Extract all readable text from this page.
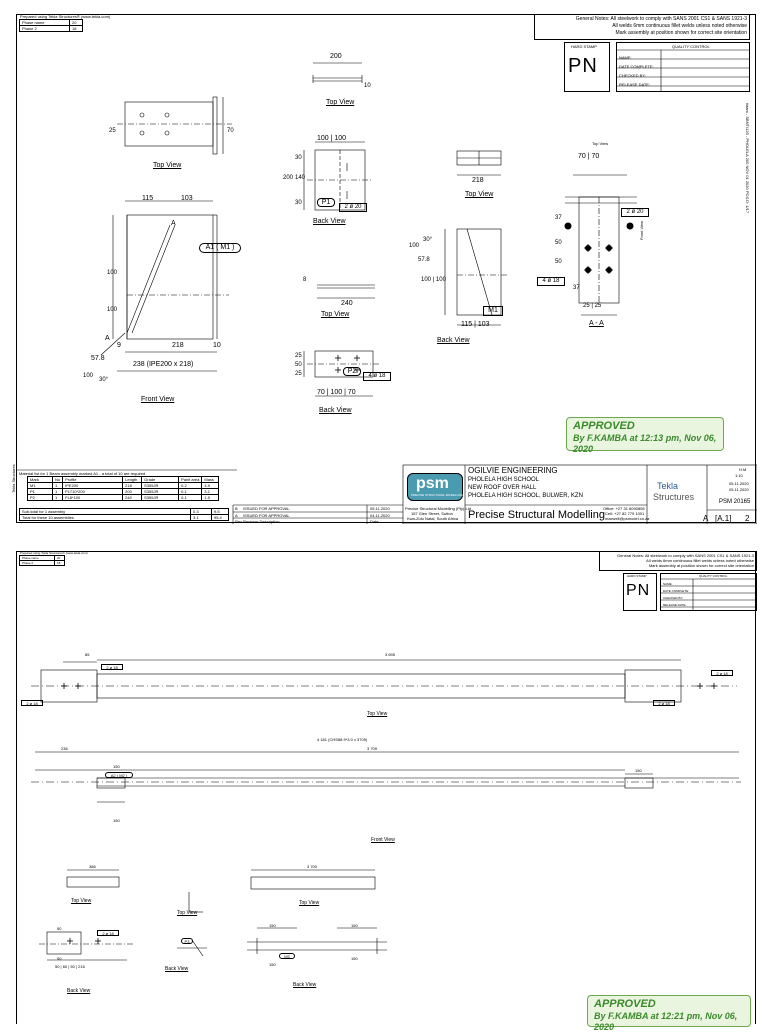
Prepared using Tekla Structures® (www.tekla.com)
Phase name	20
Phase 2	18
General Notes: All steelwork to comply with SANS 2001 CS1 & SANS 1921-3
All welds 6mm continuous fillet welds unless noted otherwise
Mark assembly at position shown for correct site orientation
HARD STAMP
PN
QUALITY CONTROL
NAME:
DATE COMPLETE:
CHECKED BY:
RELEASE DATE:
Top View
200
10
Top View
25	70
115	103
100
100
218	10
238 (IPE200 x 218)
9
57.8
100
30°
Front View
A1 ( M1 )
A
A
100 | 100
30
140
200
30	P1
2 ø 20
Back View
8
240
Top View
25
50
25	P2
4 ø 18
70 | 100 | 70
Back View
218
Top View
100
57.8
30°
100 | 100
M1
115 | 103
Back View
Top View
70 | 70
37
50
50
37
2 ø 20
4 ø 18
25 | 25
A - A
Front View
Ilaam - SBNT/120 - PHOLELA 200 NOV 01 2020 PCS.D: 1/17
APPROVED
By F.KAMBA at 12:13 pm, Nov 06, 2020
Material list for 1 Beam assembly marked A1 - a total of 10 are required
Mark	No	Profile	Length	Grade	Paint area	Mass
M1	1	IPE200	218	S355JR	0.2	4.9
P1	1	PLT10*200	200	S355JR	0.1	3.1
P2	1	FL8*100	240	S355JR	0.1	1.5
Sub-total for 1 assembly	0.3	9.5
Total for these 10 assemblies	3.1	95.4
Tekla Structures
B ISSUED FOR APPROVAL	05.11.2020
A ISSUED FOR APPROVAL	04.11.2020
Rev Revision Description	Date
psm
PRECISE STRUCTURAL MODELLING
Precise Structural Modelling (Pty) Ltd
157 Glen Street, Sutton
Kwa-Zulu Natal, South Africa
OGILVIE ENGINEERING
PHOLELA HIGH SCHOOL
NEW ROOF OVER HALL
PHOLELA HIGH SCHOOL, BULWER, KZN
Precise Structural Modelling
Office: +27 31 8090808
Cell: +27 82 779 1001
maxwell@psmodel.co.za
Tekla
Structures
H.M
1:10
05.11.2020
05.11.2020
PSM 20165
A [A.1] 2
Prepared using Tekla Structures® (www.tekla.com)
Phase name	20
Phase 2	18
General Notes: All steelwork to comply with SANS 2001 CS1 & SANS 1921-3
All welds 6mm continuous fillet welds unless noted otherwise
Mark assembly at position shown for correct site orientation
HARD STAMP
PN
QUALITY CONTROL
NAME:
DATE COMPLETE:
CHECKED BY:
RELEASE DATE:
85	3 695
2 ø 18
2 ø 18	2 ø 18
2 ø 18
Top View
4 181 (CHS88.9*3.0 x 3709)
236	3 709
150
150
150
A2 ( M2 )
Front View
386
Top View
Top View
3 700
Top View
50
50
50 | 60 | 50 | 216
2 ø 18
Back View
P3
Back View
150	150
150
150
M3
Back View
APPROVED
By F.KAMBA at 12:21 pm, Nov 06, 2020
